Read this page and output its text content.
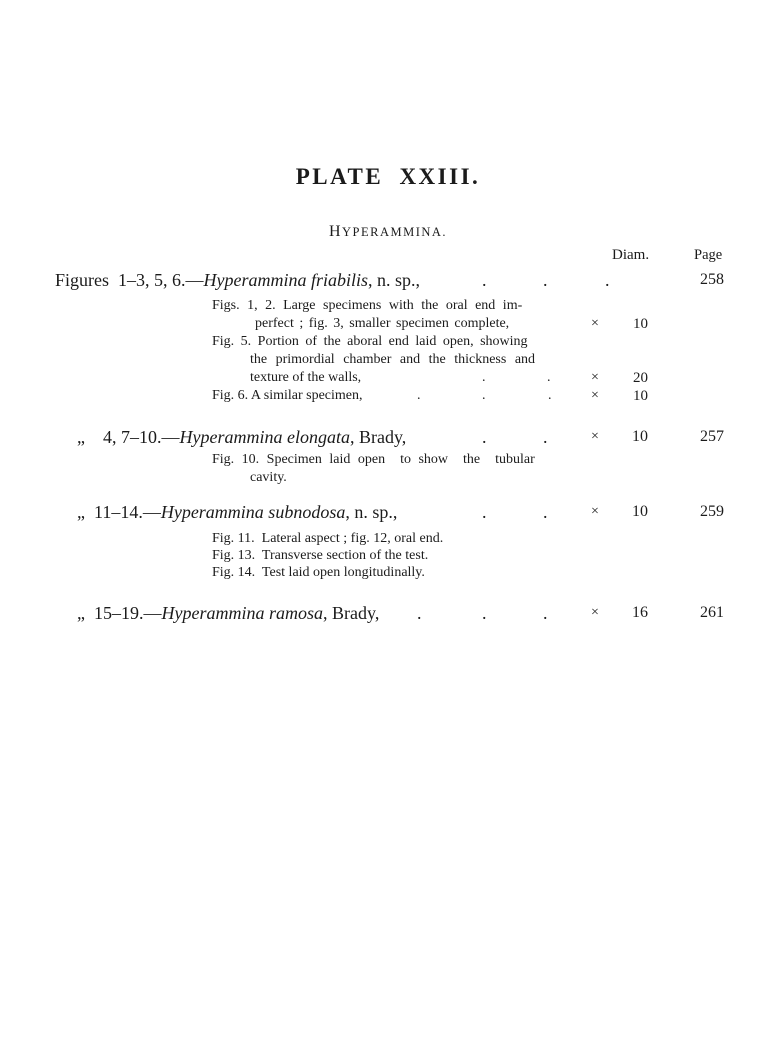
PLATE XXIII.
HYPERAMMINA.
Diam.	Page
Figures  1–3, 5, 6.—Hyperammina friabilis, n. sp.,	.	.	.	258
Figs. 1, 2. Large specimens with the oral end im-
perfect ; fig. 3, smaller specimen complete,	×	10
Fig. 5. Portion of the aboral end laid open, showing
the primordial chamber and the thickness and
texture of the walls,	.	.	×	20
Fig. 6. A similar specimen,	.	.	.	×	10
„    4, 7–10.—Hyperammina elongata, Brady,	.	.	×	10	257
Fig. 10. Specimen laid open  to show  the  tubular
cavity.
„  11–14.—Hyperammina subnodosa, n. sp.,	.	.	×	10	259
Fig. 11.  Lateral aspect ; fig. 12, oral end.
Fig. 13.  Transverse section of the test.
Fig. 14.  Test laid open longitudinally.
„  15–19.—Hyperammina ramosa, Brady, .	.	.	×	16	261
